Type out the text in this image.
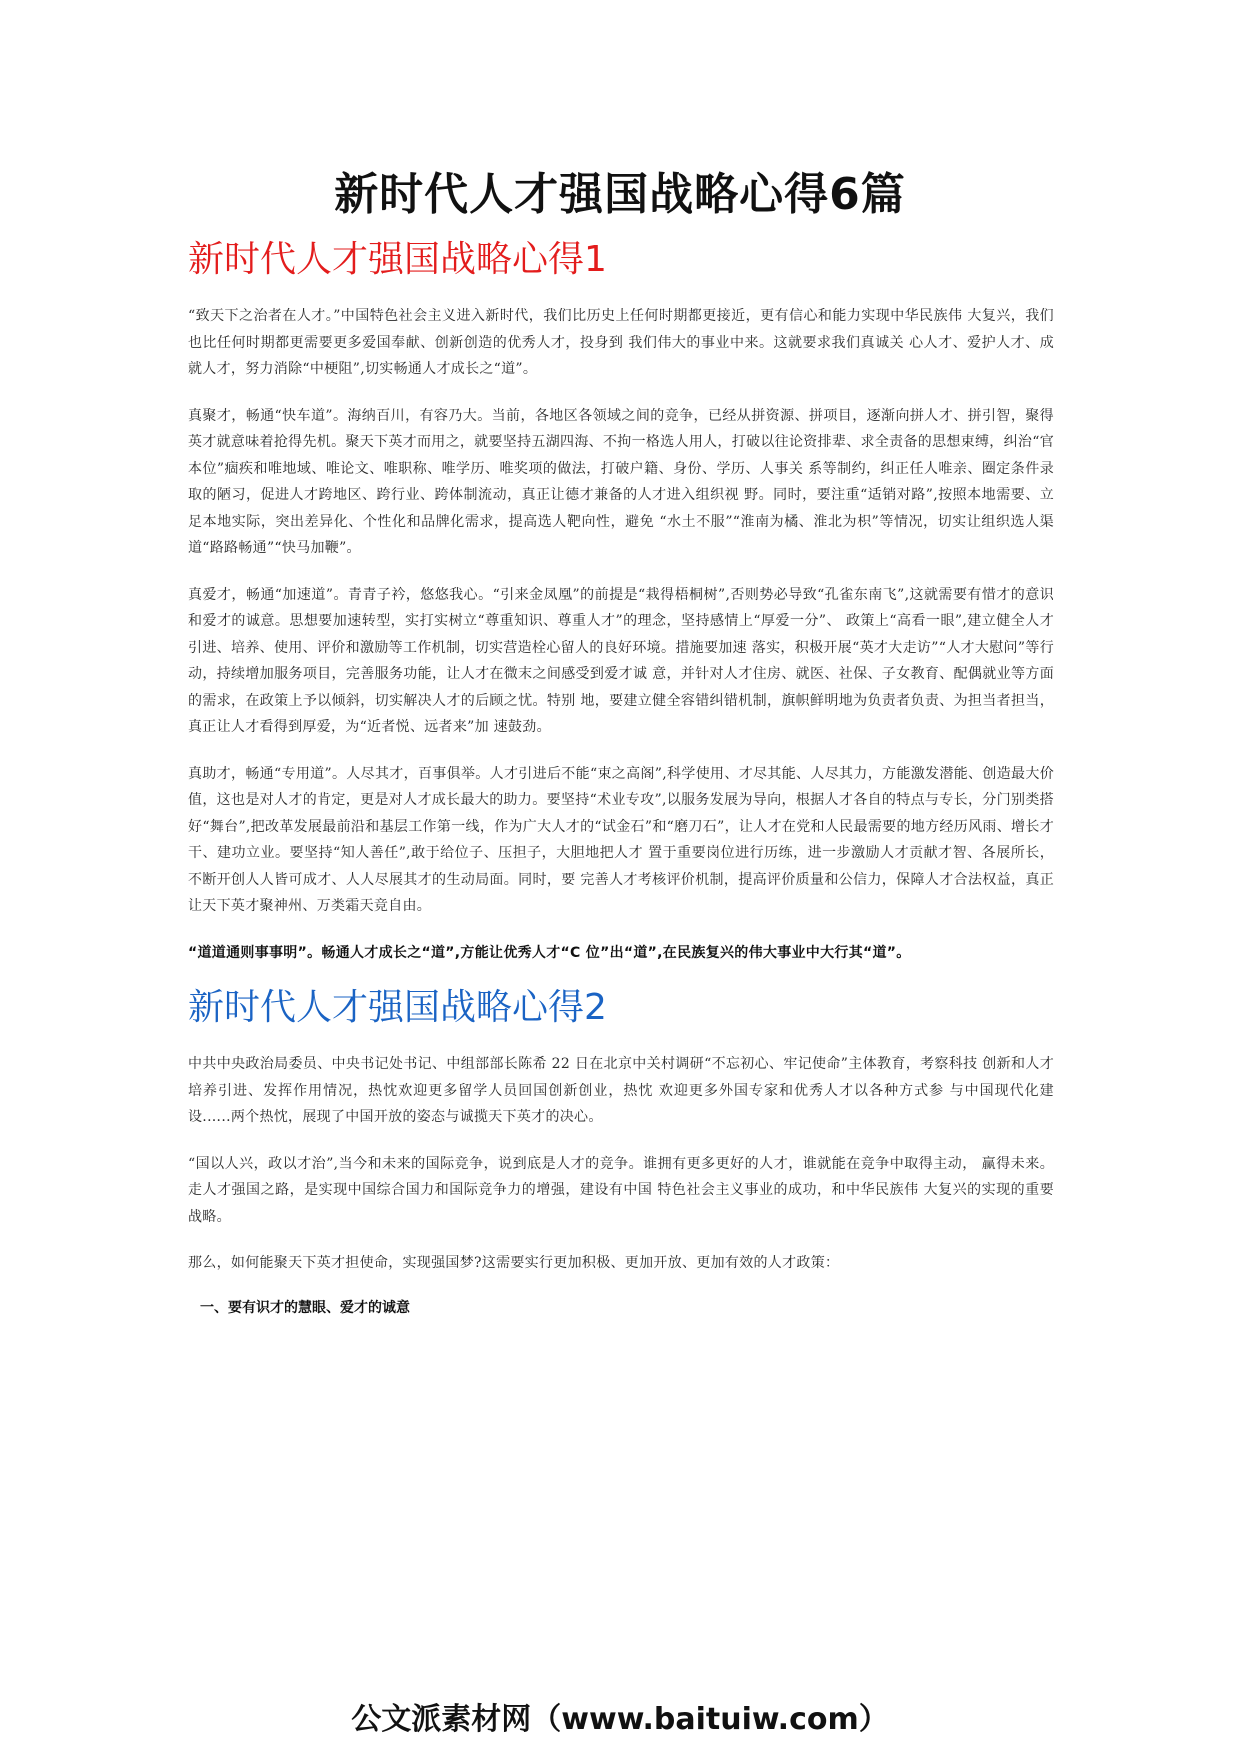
新时代人才强国战略心得6篇
新时代人才强国战略心得1

“致天下之治者在人才。”中国特色社会主义进入新时代，我们比历史上任何时期都更接近，更有信心和能力实现中华民族伟 大复兴，我们也比任何时期都更需要更多爱国奉献、创新创造的优秀人才，投身到 我们伟大的事业中来。这就要求我们真诚关 心人才、爱护人才、成就人才，努力消除“中梗阻”,切实畅通人才成长之“道”。

真聚才，畅通“快车道”。海纳百川，有容乃大。当前，各地区各领域之间的竞争，已经从拼资源、拼项目，逐渐向拼人才、拼引智，聚得英才就意味着抢得先机。聚天下英才而用之，就要坚持五湖四海、不拘一格选人用人，打破以往论资排辈、求全责备的思想束缚，纠治“官本位”痼疾和唯地域、唯论文、唯职称、唯学历、唯奖项的做法，打破户籍、身份、学历、人事关 系等制约，纠正任人唯亲、圈定条件录取的陋习，促进人才跨地区、跨行业、跨体制流动，真正让德才兼备的人才进入组织视 野。同时，要注重“适销对路”,按照本地需要、立足本地实际，突出差异化、个性化和品牌化需求，提高选人靶向性，避免 “水土不服”“淮南为橘、淮北为枳”等情况，切实让组织选人渠道“路路畅通”“快马加鞭”。

真爱才，畅通“加速道”。青青子衿，悠悠我心。“引来金凤凰”的前提是“栽得梧桐树”,否则势必导致“孔雀东南飞”,这就需要有惜才的意识和爱才的诚意。思想要加速转型，实打实树立“尊重知识、尊重人才”的理念，坚持感情上“厚爱一分”、 政策上“高看一眼”,建立健全人才引进、培养、使用、评价和激励等工作机制，切实营造栓心留人的良好环境。措施要加速 落实，积极开展“英才大走访”“人才大慰问”等行动，持续增加服务项目，完善服务功能，让人才在微末之间感受到爱才诚 意，并针对人才住房、就医、社保、子女教育、配偶就业等方面的需求，在政策上予以倾斜，切实解决人才的后顾之忧。特别 地，要建立健全容错纠错机制，旗帜鲜明地为负责者负责、为担当者担当，真正让人才看得到厚爱，为“近者悦、远者来”加 速鼓劲。

真助才，畅通“专用道”。人尽其才，百事俱举。人才引进后不能“束之高阁”,科学使用、才尽其能、人尽其力，方能激发潜能、创造最大价值，这也是对人才的肯定，更是对人才成长最大的助力。要坚持“术业专攻”,以服务发展为导向，根据人才各自的特点与专长，分门别类搭好“舞台”,把改革发展最前沿和基层工作第一线，作为广大人才的“试金石”和“磨刀石”，让人才在党和人民最需要的地方经历风雨、增长才干、建功立业。要坚持“知人善任”,敢于给位子、压担子，大胆地把人才 置于重要岗位进行历练，进一步激励人才贡献才智、各展所长，不断开创人人皆可成才、人人尽展其才的生动局面。同时，要 完善人才考核评价机制，提高评价质量和公信力，保障人才合法权益，真正让天下英才聚神州、万类霜天竞自由。

“道道通则事事明”。畅通人才成长之“道”,方能让优秀人才“C 位”出“道”,在民族复兴的伟大事业中大行其“道”。

新时代人才强国战略心得2

中共中央政治局委员、中央书记处书记、中组部部长陈希 22 日在北京中关村调研“不忘初心、牢记使命”主体教育，考察科技 创新和人才培养引进、发挥作用情况，热忱欢迎更多留学人员回国创新创业，热忱 欢迎更多外国专家和优秀人才以各种方式参 与中国现代化建设.…..两个热忱，展现了中国开放的姿态与诚揽天下英才的决心。

“国以人兴，政以才治”,当今和未来的国际竞争，说到底是人才的竞争。谁拥有更多更好的人才，谁就能在竞争中取得主动， 赢得未来。走人才强国之路，是实现中国综合国力和国际竞争力的增强，建设有中国 特色社会主义事业的成功，和中华民族伟 大复兴的实现的重要战略。

那么，如何能聚天下英才担使命，实现强国梦?这需要实行更加积极、更加开放、更加有效的人才政策：

一、要有识才的慧眼、爱才的诚意

公文派素材网（www.baituiw.com）
